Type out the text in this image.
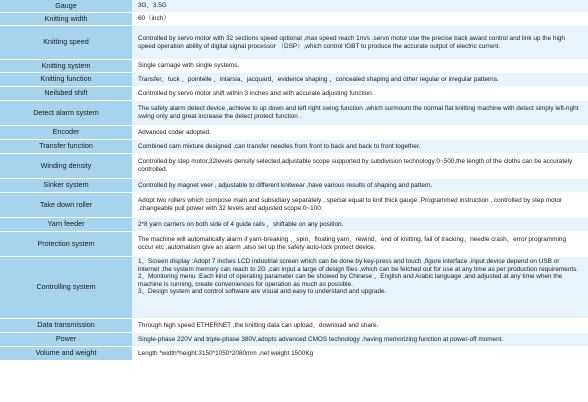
Gauge	3G、3.5G
Knitting width	60（inch）
Knitting speed	Controlled by servo motor with 32 sections speed optional ,max speed reach 1m/s .servo motor use the precise back award control and link up the high speed operation ability of digital signal processor （DSP）,which control IGBT to produce the accurate output of electric current.
Knitting system	Single carriage with single systems.
Knitting function	Transfer、tuck 、pointelle 、intarsia、jacquard、evidence shaping 、concealed shaping and other regular or irregular patterns.
Neilsbed shift	Controlled by servo motor shift within 3 inches and with accurate adjusting function.
Detect alarm system	The safety alarm detect device ,achieve to up down and left right swing function ,which surmount the normal flat knitting machine with detect simpiy left-right swing only and great increase the detect protect function .
Encoder	Advanced coder adopted.
Transfer function	Combined cam mixture designed ,can transfer needles from front to back and back to front together.
Winding density	Controlled by step motor,32levels density selected,adjustable scope supported by subdivision technology:0~500,the length of the cloths can be accurately controlled.
Sinker system	Controlled by magnet veer , adjustable to different knitwear ,have various results of shaping and pattern.
Take down roller	Adopt two rollers which compose main and subsidiary separately , special equal to knit thick gauge .Programmed instruction , controlled by step motor ,changeable pull power with 32 levels and adjusted scope:0~100.
Yarn feeder	2*8 yarn carriers on both side of 4 guide rails ，shiftable on any position.
Protection system	The machine will automatically alarm if yarn-breaking 、spin、floating yarn、rewind、end of knitting, fail of tracking、needle crash、error programming occur etc ,automatism give an alarm ,also set up the safety auto-lock protect device.
Controlling system
1、Screen display :Adopt 7 inches LCD industrial screen which can be done by key-press and touch ,figure interface ,input device depend on USB or internet ,the system memory can reach to 2G ,can input a large of design files ,which can be fetched out for use at any time as per production requirements.
2、Monitoring menu :Each kind of operating parameter can be showed by Chinese 、English and Arabic language ,and adjusted at any time when the machine is running, create conveniences for operation as much as possible.
3、Design system and control software are visual and easy to understand and upgrade.
Data transmission	Through high speed ETHERNET ,the knitting data can upload、download and share.
Power	Single-phase 220V and triple-phase 380V,adopts advanced CMOS technology ,having memorizing function at power-off moment.
Volume and weight	Length *width*height:3150*1050*2080mm ,net weight 1500Kg
